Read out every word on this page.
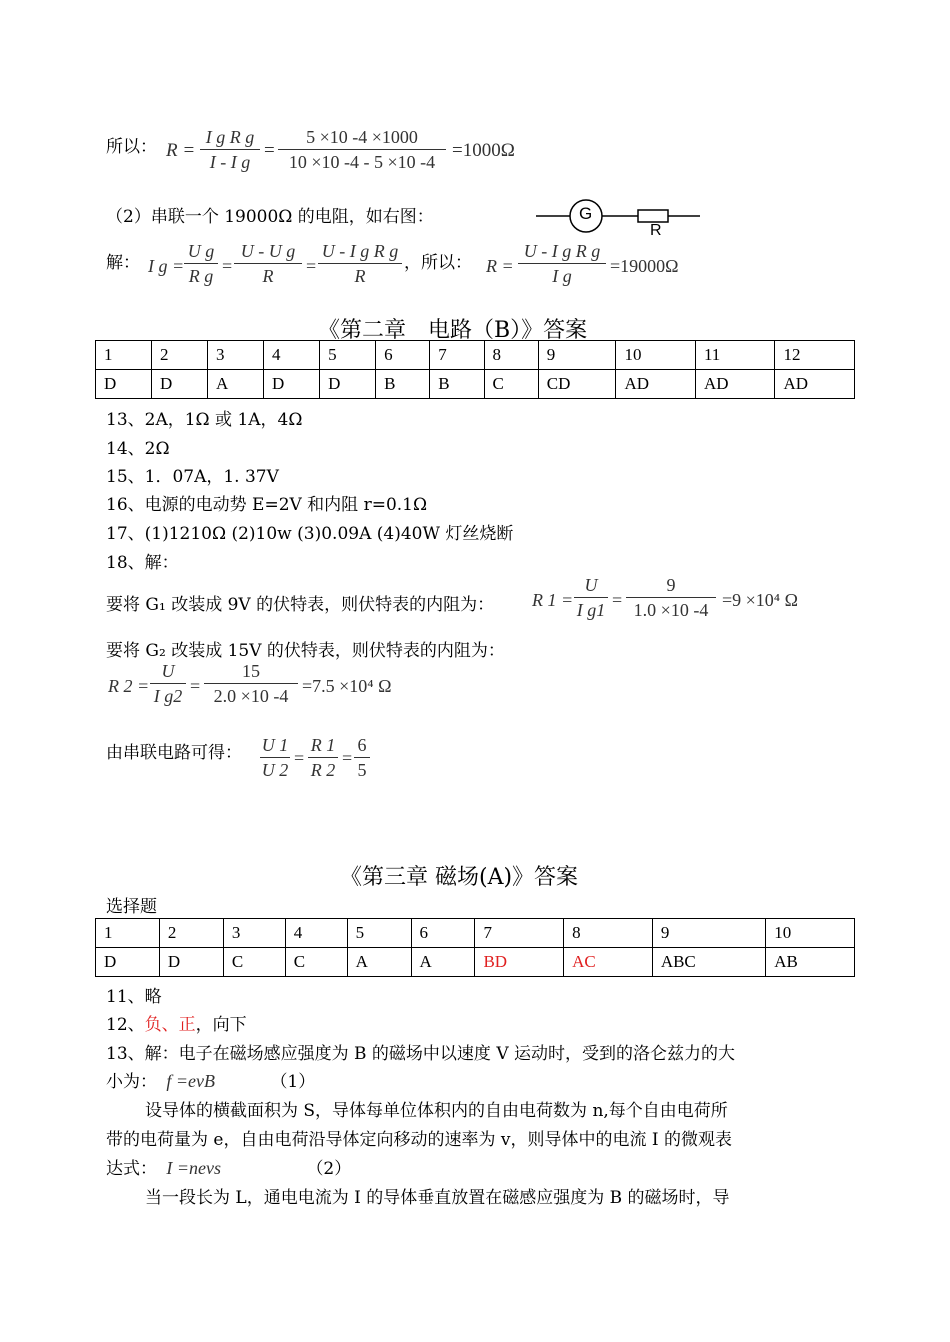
所以： R =
I g R g
I - I g
=
5 ×10 -4 ×1000
10 ×10 -4 - 5 ×10 -4
=1000Ω
（2）串联一个 19000Ω 的电阻，如右图：	G
R
解： I g =
U g
R g =
U - U g
R	=
U - I g R g
R
，所以： R =
U - I g R g
I g	=19000Ω
《第二章　电路（B）》答案
1	2	3	4	5	6	7	8	9	10	11	12
D	D	A	D	D	B	B	C	CD	AD	AD	AD
13、2A，1Ω 或 1A，4Ω
14、2Ω
15、1．07A，1. 37V
16、电源的电动势 E=2V 和内阻 r=0.1Ω
17、(1)1210Ω (2)10w (3)0.09A (4)40W 灯丝烧断
18、解：
要将 G₁ 改装成 9V 的伏特表，则伏特表的内阻为： R 1 =
U
I g1 =
9
1.0 ×10 -4 =9 ×10⁴ Ω
要将 G₂ 改装成 15V 的伏特表，则伏特表的内阻为：
R 2 =
U
I g2 =
15
2.0 ×10 -4 =7.5 ×10⁴ Ω
由串联电路可得： U 1
U 2
=
R 1
R 2
=
6
5
《第三章 磁场(A)》答案
选择题
1	2	3	4	5	6	7	8	9	10
D	D	C	C	A	A	BD	AC	ABC	AB
11、略
12、负、正，向下
13、解：电子在磁场感应强度为 B 的磁场中以速度 V 运动时，受到的洛仑兹力的大
小为： f =evB	（1）
设导体的横截面积为 S，导体每单位体积内的自由电荷数为 n,每个自由电荷所
带的电荷量为 e，自由电荷沿导体定向移动的速率为 v，则导体中的电流 I 的微观表
达式： I =nevs	（2）
当一段长为 L，通电电流为 I 的导体垂直放置在磁感应强度为 B 的磁场时，导
